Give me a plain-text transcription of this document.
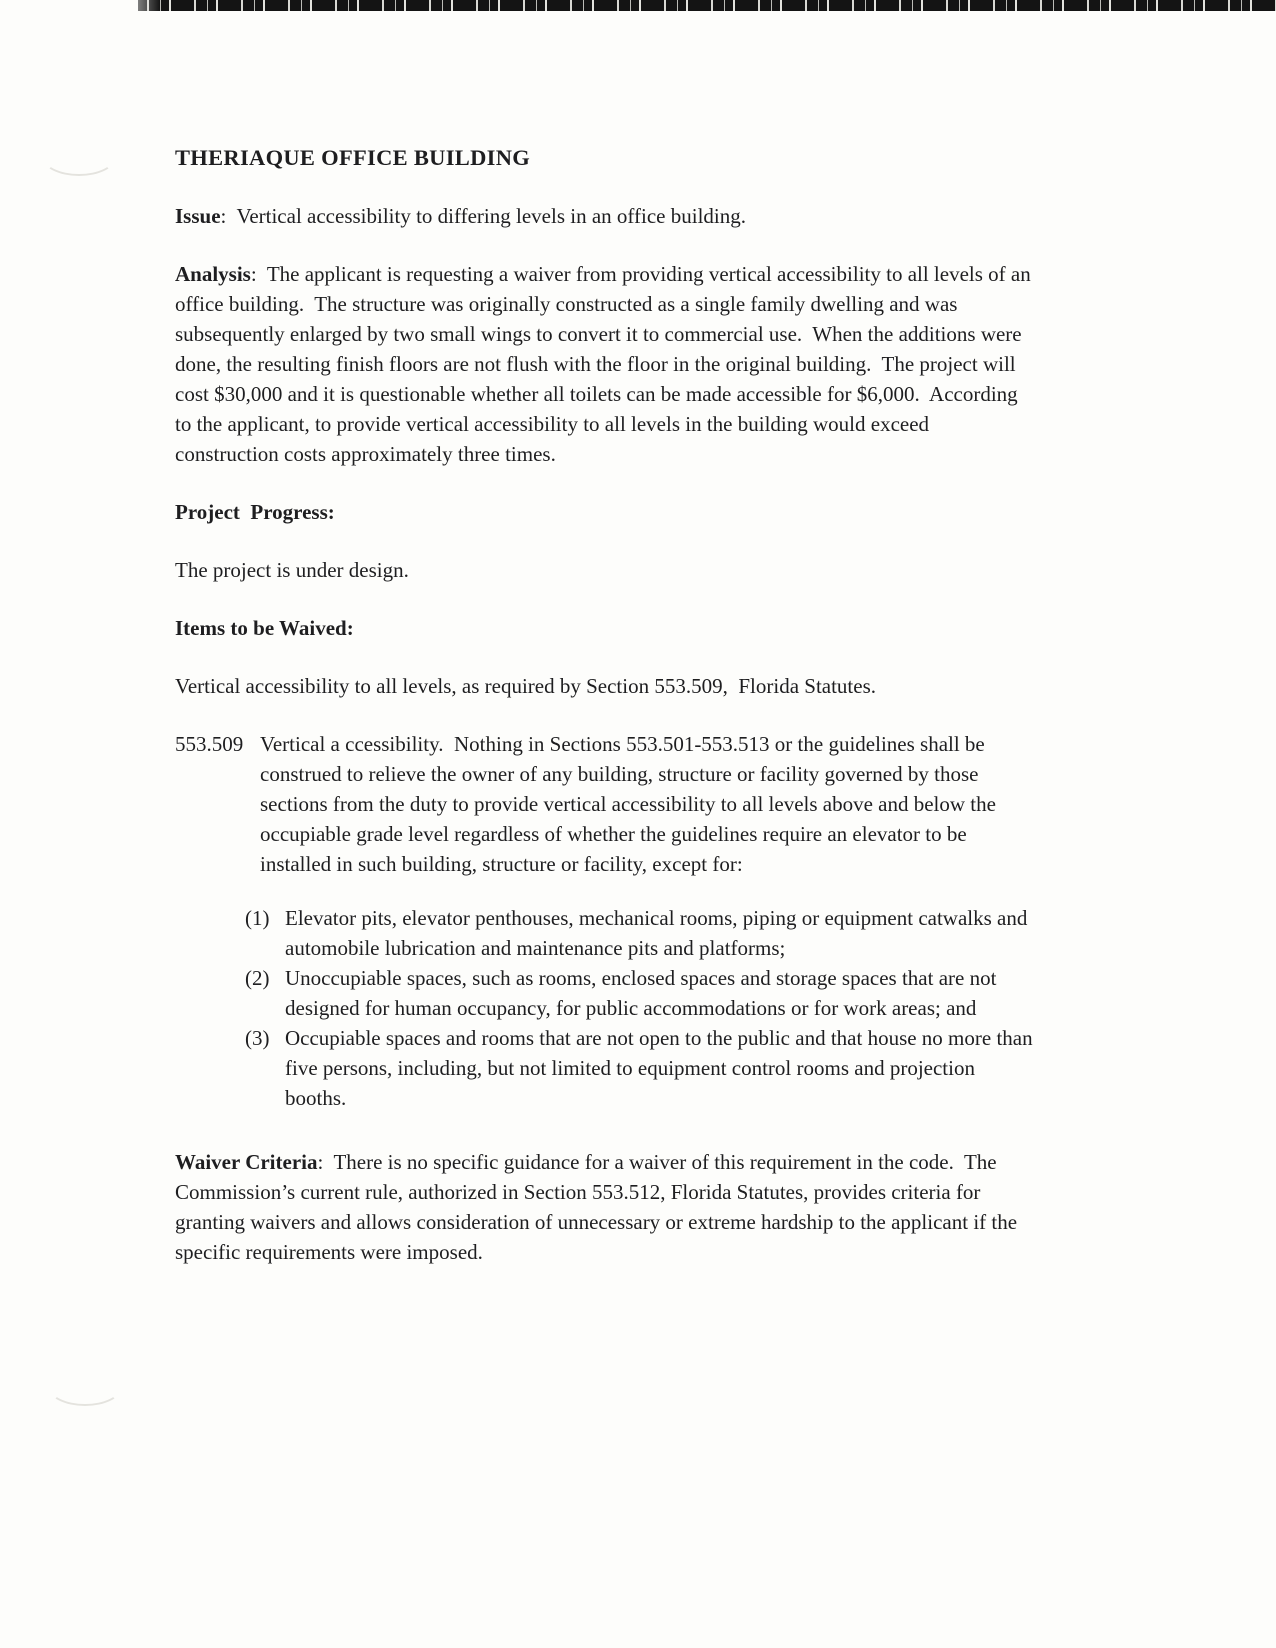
THERIAQUE OFFICE BUILDING

Issue:  Vertical accessibility to differing levels in an office building.

Analysis:  The applicant is requesting a waiver from providing vertical accessibility to all levels of an office building.  The structure was originally constructed as a single family dwelling and was subsequently enlarged by two small wings to convert it to commercial use.  When the additions were done, the resulting finish floors are not flush with the floor in the original building.  The project will cost $30,000 and it is questionable whether all toilets can be made accessible for $6,000.  According to the applicant, to provide vertical accessibility to all levels in the building would exceed construction costs approximately three times.

Project  Progress:

The project is under design.

Items to be Waived:

Vertical accessibility to all levels, as required by Section 553.509,  Florida Statutes.

553.509 Vertical a ccessibility.  Nothing in Sections 553.501-553.513 or the guidelines shall be construed to relieve the owner of any building, structure or facility governed by those sections from the duty to provide vertical accessibility to all levels above and below the occupiable grade level regardless of whether the guidelines require an elevator to be installed in such building, structure or facility, except for:

(1) Elevator pits, elevator penthouses, mechanical rooms, piping or equipment catwalks and automobile lubrication and maintenance pits and platforms;
(2) Unoccupiable spaces, such as rooms, enclosed spaces and storage spaces that are not designed for human occupancy, for public accommodations or for work areas; and
(3) Occupiable spaces and rooms that are not open to the public and that house no more than five persons, including, but not limited to equipment control rooms and projection booths.

Waiver Criteria:  There is no specific guidance for a waiver of this requirement in the code.  The Commission’s current rule, authorized in Section 553.512, Florida Statutes, provides criteria for granting waivers and allows consideration of unnecessary or extreme hardship to the applicant if the specific requirements were imposed.
